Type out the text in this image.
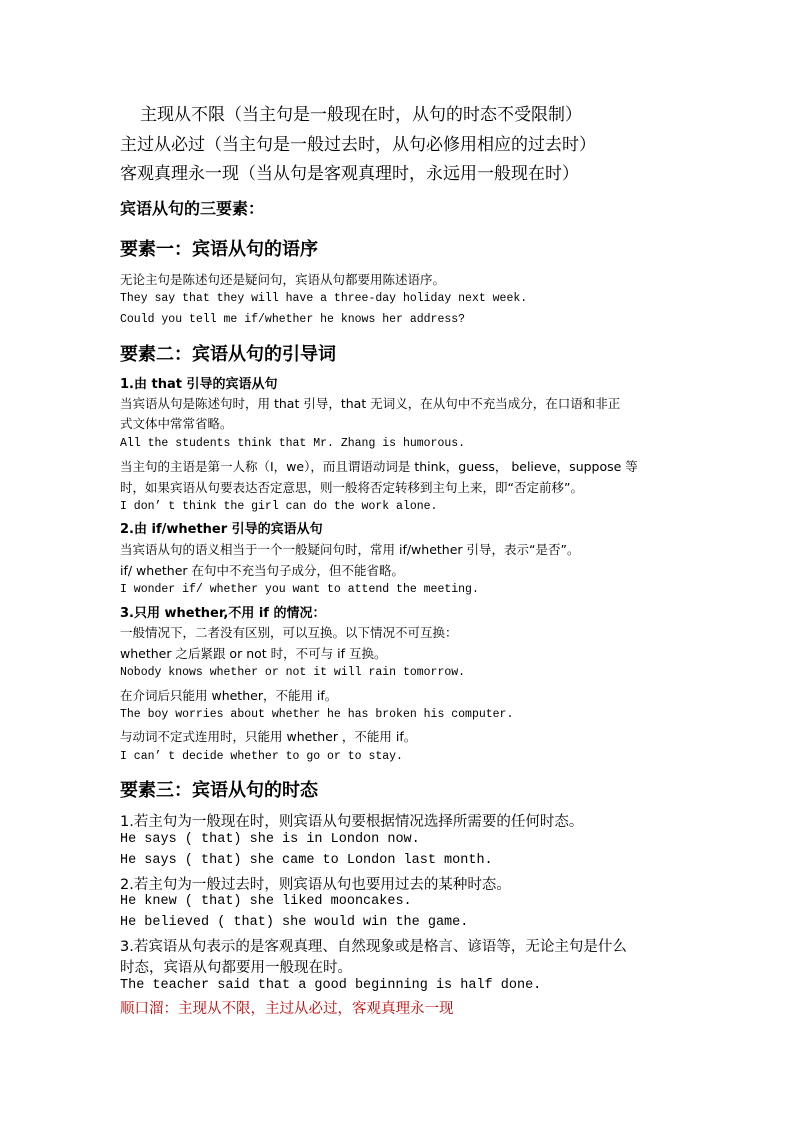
主现从不限（当主句是一般现在时，从句的时态不受限制）

主过从必过（当主句是一般过去时，从句必修用相应的过去时）

客观真理永一现（当从句是客观真理时，永远用一般现在时）

宾语从句的三要素：

要素一：宾语从句的语序

无论主句是陈述句还是疑问句，宾语从句都要用陈述语序。

They say that they will have a three-day holiday next week.

Could you tell me if/whether he knows her address?

要素二：宾语从句的引导词

1.由 that 引导的宾语从句

当宾语从句是陈述句时，用 that 引导，that 无词义，在从句中不充当成分，在口语和非正

式文体中常常省略。

All the students think that Mr. Zhang is humorous.

当主句的主语是第一人称（I，we），而且谓语动词是 think，guess， believe，suppose 等

时，如果宾语从句要表达否定意思，则一般将否定转移到主句上来，即“否定前移”。

I don’ t think the girl can do the work alone.

2.由 if/whether 引导的宾语从句

当宾语从句的语义相当于一个一般疑问句时，常用 if/whether 引导，表示“是否”。

if/ whether 在句中不充当句子成分，但不能省略。

I wonder if/ whether you want to attend the meeting.

3.只用 whether,不用 if 的情况：

一般情况下，二者没有区别，可以互换。以下情况不可互换：

whether 之后紧跟 or not 时，不可与 if 互换。

Nobody knows whether or not it will rain tomorrow.

在介词后只能用 whether，不能用 if。

The boy worries about whether he has broken his computer.

与动词不定式连用时，只能用 whether ，不能用 if。

I can’ t decide whether to go or to stay.

要素三：宾语从句的时态

1.若主句为一般现在时，则宾语从句要根据情况选择所需要的任何时态。

He says ( that) she is in London now.

He says ( that) she came to London last month.

2.若主句为一般过去时，则宾语从句也要用过去的某种时态。

He knew ( that) she liked mooncakes.

He believed ( that) she would win the game.

3.若宾语从句表示的是客观真理、自然现象或是格言、谚语等，无论主句是什么

时态，宾语从句都要用一般现在时。

The teacher said that a good beginning is half done.

顺口溜：主现从不限，主过从必过，客观真理永一现
